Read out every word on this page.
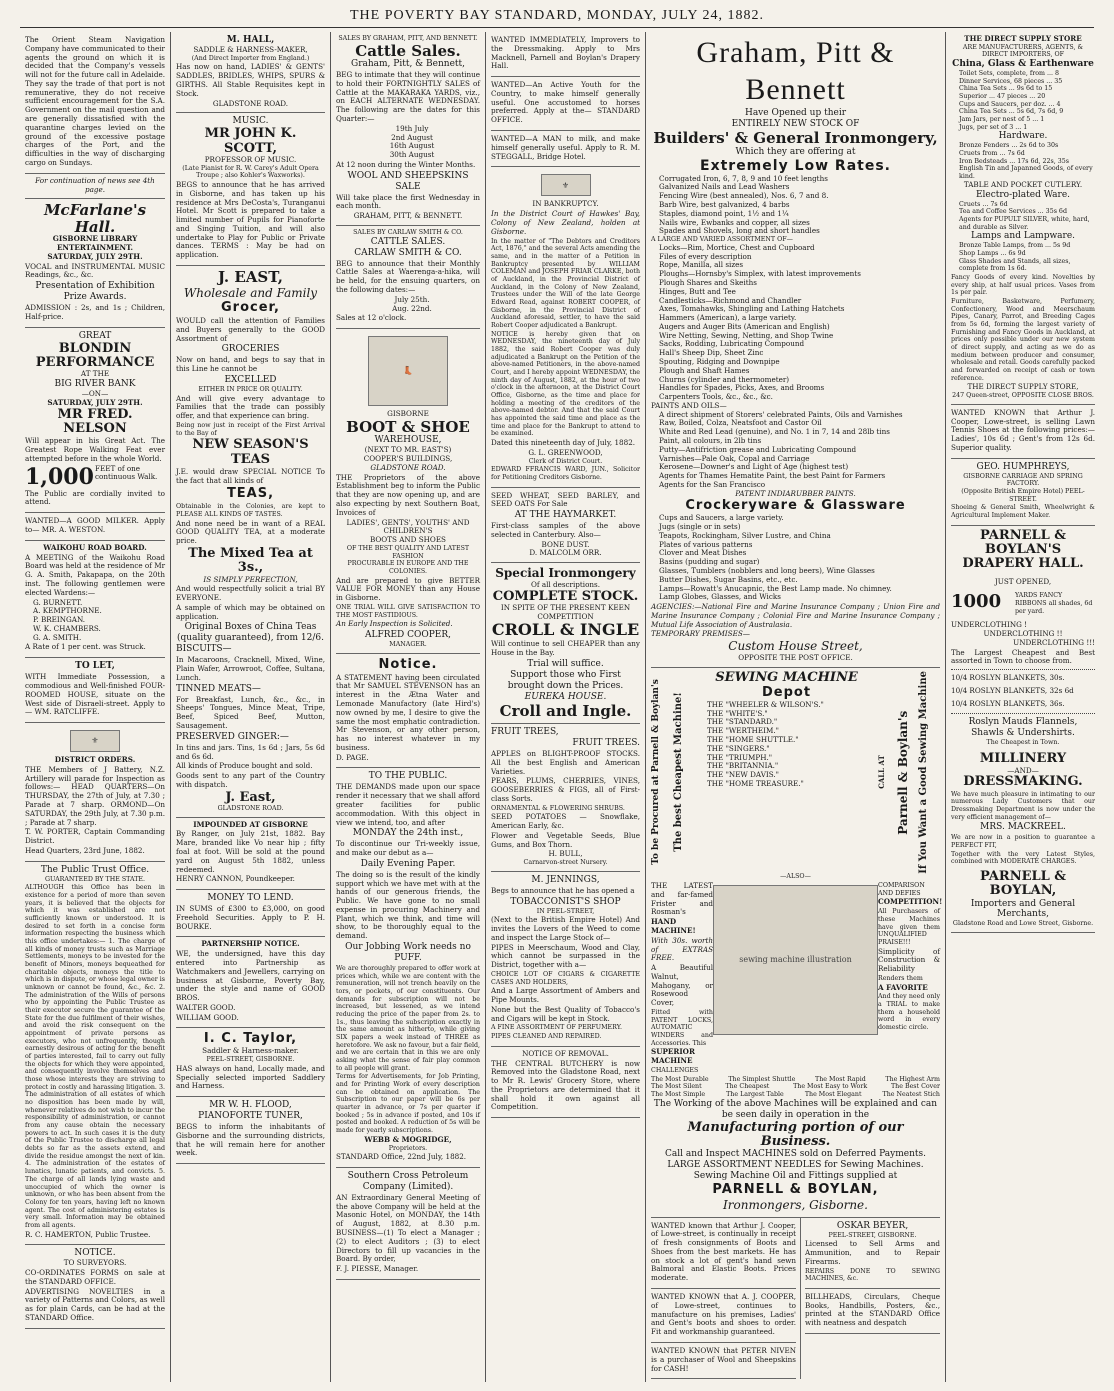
THE POVERTY BAY STANDARD, MONDAY, JULY 24, 1882.

The Orient Steam Navigation Company have communicated to their agents the ground on which it is decided that the Company's vessels will not for the future call in Adelaide. They say the trade of that port is not remunerative, they do not receive sufficient encouragement for the S.A. Government on the mail question and are generally dissatisfied with the quarantine charges levied on the ground of the excessive postage charges of the Port, and the difficulties in the way of discharging cargo on Sundays.

For continuation of news see 4th page.
McFarlane's Hall.
GISBORNE LIBRARY ENTERTAINMENT.
SATURDAY, JULY 29TH.

VOCAL and INSTRUMENTAL MUSIC Readings, &c., &c.

Presentation of Exhibition Prize Awards.

ADMISSION : 2s, and 1s ; Children, Half-price.

GREAT
BLONDIN PERFORMANCE
AT THE
BIG RIVER BANK
—ON—
SATURDAY, JULY 29TH.
MR FRED. NELSON

Will appear in his Great Act. The Greatest Rope Walking Feat ever attempted before in the whole World.

1,000 FEET of one continuous Walk.

The Public are cordially invited to attend.

WANTED—A GOOD MILKER. Apply to— MR. A. WESTON.

WAIKOHU ROAD BOARD.

A MEETING of the Waikohu Road Board was held at the residence of Mr G. A. Smith, Pakapapa, on the 20th inst. The following gentlemen were elected Wardens:—

G. BURNETT.
A. KEMPTHORNE.
P. BREINGAN.
W. K. CHAMBERS.
G. A. SMITH.

A Rate of 1 per cent. was Struck.

TO LET,

WITH Immediate Possession, a commodious and Well-finished FOUR-ROOMED HOUSE, situate on the West side of Disraeli-street. Apply to— WM. RATCLIFFE.

⚜
DISTRICT ORDERS.

THE Members of J Battery, N.Z. Artillery will parade for Inspection as follows:— HEAD QUARTERS—On THURSDAY, the 27th of July, at 7.30 ; Parade at 7 sharp. ORMOND—On SATURDAY, the 29th July, at 7.30 p.m. ; Parade at 7 sharp.

T. W. PORTER, Captain Commanding District.

Head Quarters, 23rd June, 1882.

The Public Trust Office.
GUARANTEED BY THE STATE.

ALTHOUGH this Office has been in existence for a period of more than seven years, it is believed that the objects for which it was established are not sufficiently known or understood. It is desired to set forth in a concise form information respecting the business which this office undertakes:— 1. The charge of all kinds of money trusts such as Marriage Settlements, moneys to be invested for the benefit of Minors, moneys bequeathed for charitable objects, moneys the title to which is in dispute, or whose legal owner is unknown or cannot be found, &c., &c. 2. The administration of the Wills of persons who by appointing the Public Trustee as their executor secure the guarantee of the State for the due fulfilment of their wishes, and avoid the risk consequent on the appointment of private persons as executors, who not unfrequently, though earnestly desirous of acting for the benefit of parties interested, fail to carry out fully the objects for which they were appointed, and consequently involve themselves and those whose interests they are striving to protect in costly and harassing litigation. 3. The administration of all estates of which no disposition has been made by will, whenever relatives do not wish to incur the responsibility of administration, or cannot from any cause obtain the necessary powers to act. In such cases it is the duty of the Public Trustee to discharge all legal debts so far as the assets extend, and divide the residue amongst the next of kin. 4. The administration of the estates of lunatics, lunatic patients, and convicts. 5. The charge of all lands lying waste and unoccupied of which the owner is unknown, or who has been absent from the Colony for ten years, having left no known agent. The cost of administering estates is very small. Information may be obtained from all agents.

R. C. HAMERTON, Public Trustee.

NOTICE.
TO SURVEYORS.

CO-ORDINATES FORMS on sale at the STANDARD OFFICE.

ADVERTISING NOVELTIES in a variety of Patterns and Colors, as well as for plain Cards, can be had at the STANDARD Office.

M. HALL,
SADDLE & HARNESS-MAKER,
(And Direct Importer from England.)

Has now on hand, LADIES' & GENTS' SADDLES, BRIDLES, WHIPS, SPURS & GIRTHS. All Stable Requisites kept in Stock.

GLADSTONE ROAD.
MUSIC.
MR JOHN K. SCOTT,
PROFESSOR OF MUSIC.
(Late Pianist for R. W. Carey's Adult Opera Troupe ; also Kohler's Waxworks).

BEGS to announce that he has arrived in Gisborne, and has taken up his residence at Mrs DeCosta's, Turanganui Hotel. Mr Scott is prepared to take a limited number of Pupils for Pianoforte and Singing Tuition, and will also undertake to Play for Public or Private dances. TERMS : May be had on application.

J. EAST,
Wholesale and Family
Grocer,

WOULD call the attention of Families and Buyers generally to the GOOD Assortment of

GROCERIES

Now on hand, and begs to say that in this Line he cannot be

EXCELLED
EITHER IN PRICE OR QUALITY.

And will give every advantage to Families that the trade can possibly offer, and that experience can bring.

Being now just in receipt of the First Arrival to the Bay of

NEW SEASON'S TEAS

J.E. would draw SPECIAL NOTICE To the fact that all kinds of

TEAS,

Obtainable in the Colonies, are kept to PLEASE ALL KINDS OF TASTES.

And none need be in want of a REAL GOOD QUALITY TEA, at a moderate price.

The Mixed Tea at 3s.,
IS SIMPLY PERFECTION,

And would respectfully solicit a trial BY EVERYONE.

A sample of which may be obtained on application.

Original Boxes of China Teas (quality guaranteed), from 12/6.
BISCUITS—

In Macaroons, Cracknell, Mixed, Wine, Plain Wafer, Arrowroot, Coffee, Sultana, Lunch.

TINNED MEATS—

For Breakfast, Lunch, &c., &c., in Sheeps' Tongues, Mince Meat, Tripe, Beef, Spiced Beef, Mutton, Sausagement.

PRESERVED GINGER:—

In tins and jars. Tins, 1s 6d ; Jars, 5s 6d and 6s 6d.

All kinds of Produce bought and sold.

Goods sent to any part of the Country with dispatch.

J. East,
GLADSTONE ROAD.
IMPOUNDED AT GISBORNE

By Ranger, on July 21st, 1882. Bay Mare, branded like Vo near hip ; fifty foal at foot. Will be sold at the pound yard on August 5th 1882, unless redeemed.

HENRY CANNON, Poundkeeper.

MONEY TO LEND.

IN SUMS of £300 to £3,000, on good Freehold Securities. Apply to P. H. BOURKE.

PARTNERSHIP NOTICE.

WE, the undersigned, have this day entered into Partnership as Watchmakers and Jewellers, carrying on business at Gisborne, Poverty Bay, under the style and name of GOOD BROS.

WALTER GOOD.

WILLIAM GOOD.

I. C. Taylor,
Saddler & Harness-maker.
PEEL-STREET, GISBORNE.

HAS always on hand, Locally made, and Specially selected imported Saddlery and Harness.

MR W. H. FLOOD,
PIANOFORTE TUNER,

BEGS to inform the inhabitants of Gisborne and the surrounding districts, that he will remain here for another week.

SALES BY GRAHAM, PITT, AND BENNETT.
Cattle Sales.
Graham, Pitt, & Bennett,

BEG to intimate that they will continue to hold their FORTNIGHTLY SALES of Cattle at the MAKARAKA YARDS, viz., on EACH ALTERNATE WEDNESDAY. The following are the dates for this Quarter:—

19th July
2nd August
16th August
30th August

At 12 noon during the Winter Months.

WOOL AND SHEEPSKINS SALE

Will take place the first Wednesday in each month.

GRAHAM, PITT, & BENNETT.
SALES BY CARLAW SMITH & CO.
CATTLE SALES.
CARLAW SMITH & CO.

BEG to announce that their Monthly Cattle Sales at Waerenga-a-hika, will be held, for the ensuing quarters, on the following dates:—

July 25th.
Aug. 22nd.

Sales at 12 o'clock.

👢
GISBORNE
BOOT & SHOE
WAREHOUSE,
(NEXT TO MR. EAST'S)
COOPER'S BUILDINGS,
GLADSTONE ROAD.

THE Proprietors of the above Establishment beg to inform the Public that they are now opening up, and are also expecting by next Southern Boat, Invoices of

LADIES', GENTS', YOUTHS' AND CHILDREN'S
BOOTS AND SHOES
OF THE BEST QUALITY AND LATEST FASHION
PROCURABLE IN EUROPE AND THE COLONIES.

And are prepared to give BETTER VALUE FOR MONEY than any House in Gisborne.

ONE TRIAL WILL GIVE SATISFACTION TO THE MOST FASTIDIOUS.

An Early Inspection is Solicited.

ALFRED COOPER,
MANAGER.
Notice.

A STATEMENT having been circulated that Mr SAMUEL STEVENSON has an interest in the Ætna Water and Lemonade Manufactory (late Hird's) now owned by me, I desire to give the same the most emphatic contradiction. Mr Stevenson, or any other person, has no interest whatever in my business.

D. PAGE.

TO THE PUBLIC.

THE DEMANDS made upon our space render it necessary that we shall afford greater facilities for public accommodation. With this object in view we intend, too, and after

MONDAY the 24th inst.,

To discontinue our Tri-weekly issue, and make our debut as a—

Daily Evening Paper.

The doing so is the result of the kindly support which we have met with at the hands of our generous friends, the Public. We have gone to no small expense in procuring Machinery and Plant, which we think, and time will show, to be thoroughly equal to the demand.

Our Jobbing Work needs no PUFF.

We are thoroughly prepared to offer work at prices which, while we are content with the remuneration, will not trench heavily on the tors, or pockets, of our constituents. Our demands for subscription will not be increased, but lessened, as we intend reducing the price of the paper from 2s. to 1s., thus leaving the subscription exactly in the same amount as hitherto, while giving SIX papers a week instead of THREE as heretofore. We ask no favour, but a fair field, and we are certain that in this we are only asking what the sense of fair play common to all people will grant.

Terms for Advertisements, for Job Printing, and for Printing Work of every description can be obtained on application. The Subscription to our paper will be 6s per quarter in advance, or 7s per quarter if booked ; 5s in advance if posted, and 10s if posted and booked. A reduction of 5s will be made for yearly subscriptions.

WEBB & MOGRIDGE,
Proprietors.

STANDARD Office, 22nd July, 1882.

Southern Cross Petroleum Company (Limited).

AN Extraordinary General Meeting of the above Company will be held at the Masonic Hotel, on MONDAY, the 14th of August, 1882, at 8.30 p.m. BUSINESS—(1) To elect a Manager ; (2) to elect Auditors ; (3) to elect Directors to fill up vacancies in the Board. By order,

F. J. PIESSE, Manager.

WANTED IMMEDIATELY, Improvers to the Dressmaking. Apply to Mrs Macknell, Parnell and Boylan's Drapery Hall.

WANTED—An Active Youth for the Country, to make himself generally useful. One accustomed to horses preferred. Apply at the— STANDARD OFFICE.

WANTED—A MAN to milk, and make himself generally useful. Apply to R. M. STEGGALL, Bridge Hotel.

⚜
IN BANKRUPTCY.

In the District Court of Hawkes' Bay, Colony of New Zealand, holden at Gisborne.

In the matter of "The Debtors and Creditors Act, 1876," and the several Acts amending the same, and in the matter of a Petition in Bankruptcy presented by WILLIAM COLEMAN and JOSEPH FRIAR CLARKE, both of Auckland, in the Provincial District of Auckland, in the Colony of New Zealand, Trustees under the Will of the late George Edward Read, against ROBERT COOPER, of Gisborne, in the Provincial District of Auckland aforesaid, settler, to have the said Robert Cooper adjudicated a Bankrupt.

NOTICE is hereby given that on WEDNESDAY, the nineteenth day of July 1882, the said Robert Cooper was duly adjudicated a Bankrupt on the Petition of the above-named Petitioners, in the above-named Court, and I hereby appoint WEDNESDAY, the ninth day of August, 1882, at the hour of two o'clock in the afternoon, at the District Court Office, Gisborne, as the time and place for holding a meeting of the creditors of the above-named debtor. And that the said Court has appointed the said time and place as the time and place for the Bankrupt to attend to be examined.

Dated this nineteenth day of July, 1882.

G. L. GREENWOOD,
Clerk of District Court.

EDWARD FFRANCIS WARD, JUN., Solicitor for Petitioning Creditors Gisborne.

SEED WHEAT, SEED BARLEY, and SEED OATS For Sale

AT THE HAYMARKET.

First-class samples of the above selected in Canterbury. Also—

BONE DUST.
D. MALCOLM ORR.
Special Ironmongery
Of all descriptions.
COMPLETE STOCK.
IN SPITE OF THE PRESENT KEEN COMPETITION
CROLL & INGLE

Will continue to sell CHEAPER than any House in the Bay.

Trial will suffice.
Support those who First brought down the Prices.
EUREKA HOUSE.
Croll and Ingle.
FRUIT TREES,
FRUIT TREES.

APPLES on BLIGHT-PROOF STOCKS. All the best English and American Varieties.

PEARS, PLUMS, CHERRIES, VINES, GOOSEBERRIES & FIGS, all of First-class Sorts.

ORNAMENTAL & FLOWERING SHRUBS.

SEED POTATOES — Snowflake, American Early, &c.

Flower and Vegetable Seeds, Blue Gums, and Box Thorn.

H. BULL,
Carnarvon-street Nursery.
M. JENNINGS,

Begs to announce that he has opened a

TOBACCONIST'S SHOP
IN PEEL-STREET,

(Next to the British Empire Hotel) And invites the Lovers of the Weed to come and inspect the Large Stock of—

PIPES in Meerschaum, Wood and Clay, which cannot be surpassed in the District, together with a—

CHOICE LOT OF CIGARS & CIGARETTE CASES AND HOLDERS,

And a Large Assortment of Ambers and Pipe Mounts.

None but the Best Quality of Tobacco's and Cigars will be kept in Stock.

A FINE ASSORTMENT OF PERFUMERY.

PIPES CLEANED AND REPAIRED.

NOTICE OF REMOVAL.

THE CENTRAL BUTCHERY is now Removed into the Gladstone Road, next to Mr R. Lewis' Grocery Store, where the Proprietors are determined that it shall hold it own against all Competition.

Graham, Pitt & Bennett
Have Opened up their
ENTIRELY NEW STOCK OF
Builders' & General Ironmongery,
Which they are offering at
Extremely Low Rates.
Corrugated Iron, 6, 7, 8, 9 and 10 feet lengths
Galvanized Nails and Lead Washers
Fencing Wire (best annealed), Nos. 6, 7 and 8.
Barb Wire, best galvanized, 4 barbs
Staples, diamond point, 1½ and 1¼
Nails wire, Ewbanks and copper, all sizes
Spades and Shovels, long and short handles
A LARGE AND VARIED ASSORTMENT OF—
Locks—Rim, Mortice, Chest and Cupboard
Files of every description
Rope, Manilla, all sizes
Ploughs—Hornsby's Simplex, with latest improvements
Plough Shares and Skeiths
Hinges, Butt and Tee
Candlesticks—Richmond and Chandler
Axes, Tomahawks, Shingling and Lathing Hatchets
Hammers (American), a large variety.
Augers and Auger Bits (American and English)
Wire Netting, Sewing, Netting, and Shop Twine
Sacks, Rodding, Lubricating Compound
Hall's Sheep Dip, Sheet Zinc
Spouting, Ridging and Downpipe
Plough and Shaft Hames
Churns (cylinder and thermometer)
Handles for Spades, Picks, Axes, and Brooms
Carpenters Tools, &c., &c., &c.
PAINTS AND OILS—
A direct shipment of Storers' celebrated Paints, Oils and Varnishes
Raw, Boiled, Colza, Neatsfoot and Castor Oil
White and Red Lead (genuine), and No. 1 in 7, 14 and 28lb tins
Paint, all colours, in 2lb tins
Putty—Antifriction grease and Lubricating Compound
Varnishes—Pale Oak, Copal and Carriage
Kerosene—Downer's and Light of Age (highest test)
Agents for Thames Hematite Paint, the best Paint for Farmers
Agents for the San Francisco
PATENT INDIARUBBER PAINTS.
Crockeryware & Glassware
Cups and Saucers, a large variety.
Jugs (single or in sets)
Teapots, Rockingham, Silver Lustre, and China
Plates of various patterns
Clover and Meat Dishes
Basins (pudding and sugar)
Glasses, Tumblers (nobblers and long beers), Wine Glasses
Butter Dishes, Sugar Basins, etc., etc.
Lamps—Rowatt's Anucapnic, the Best Lamp made. No chimney.
Lamp Globes, Glasses, and Wicks

AGENCIES:—National Fire and Marine Insurance Company ; Union Fire and Marine Insurance Company ; Colonial Fire and Marine Insurance Company ; Mutual Life Association of Australasia.

TEMPORARY PREMISES—
Custom House Street,
OPPOSITE THE POST OFFICE.
To be Procured at Parnell & Boylan's	The best Cheapest Machine!
SEWING MACHINE
Depot
THE "WHEELER & WILSON'S."
THE "WHITE'S."
THE "STANDARD."
THE "WERTHEIM."
THE "HOME SHUTTLE."
THE "SINGERS."
THE "TRIUMPH."
THE "BRITANNIA."
THE "NEW DAVIS."
THE "HOME TREASURE."	CALL AT Parnell & Boylan's If You Want a Good Sewing Machine
—ALSO—

THE LATEST and far-famed Frister and Rosman's

HAND MACHINE!

With 30s. worth of EXTRAS FREE.

A Beautiful Walnut, Mahogany, or Rosewood Cover,

Fitted with PATENT LOCKS, AUTOMATIC WINDERS and Accessories. This

SUPERIOR MACHINE

CHALLENGES

sewing machine illustration

COMPARISON AND DEFIES

COMPETITION!

All Purchasers of these Machines have given them UNQUALIFIED PRAISE!!!

Simplicity of Construction & Reliability

Renders them

A FAVORITE

And they need only a TRIAL to make them a household word in every domestic circle.

The Most Durable	The Simplest Shuttle	The Most Rapid	The Highest Arm
The Most Silent	The Cheapest	The Most Easy to Work	The Best Cover
The Most Simple	The Largest Table	The Most Elegant	The Neatest Stich
The Working of the above Machines will be explained and can be seen daily in operation in the
Manufacturing portion of our Business.
Call and Inspect MACHINES sold on Deferred Payments.
LARGE ASSORTMENT NEEDLES for Sewing Machines.
Sewing Machine Oil and Fittings supplied at
PARNELL & BOYLAN,
Ironmongers, Gisborne.

WANTED known that Arthur J. Cooper, of Lowe-street, is continually in receipt of fresh consignments of Boots and Shoes from the best markets. He has on stock a lot of gent's hand sewn Balmoral and Elastic Boots. Prices moderate.

WANTED KNOWN that A. J. COOPER, of Lowe-street, continues to manufacture on his premises, Ladies' and Gent's boots and shoes to order. Fit and workmanship guaranteed.

WANTED KNOWN that PETER NIVEN is a purchaser of Wool and Sheepskins for CASH!

OSKAR BEYER,
PEEL-STREET, GISBORNE.

Licensed to Sell Arms and Ammunition, and to Repair Firearms.

REPAIRS DONE TO SEWING MACHINES, &c.

BILLHEADS, Circulars, Cheque Books, Handbills, Posters, &c., printed at the STANDARD Office with neatness and despatch

THE DIRECT SUPPLY STORE
ARE MANUFACTURERS, AGENTS, & DIRECT IMPORTERS, OF
China, Glass & Earthenware
Toilet Sets, complete, from ... 8
Dinner Services, 68 pieces ... 35
China Tea Sets ... 9s 6d to 15
Superior ... 47 pieces ... 20
Cups and Saucers, per doz. ... 4
China Tea Sets ... 5s 6d, 7s 6d, 9
Jam Jars, per nest of 5 ... 1
Jugs, per set of 3 ... 1
Hardware.
Bronze Fenders ... 2s 6d to 30s
Cruets from ... 7s 6d
Iron Bedsteads ... 17s 6d, 22s, 35s
English Tin and Japanned Goods, of every kind.
TABLE AND POCKET CUTLERY.
Electro-plated Ware.
Cruets ... 7s 6d
Tea and Coffee Services ... 35s 6d
Agents for PUPULT SILVER, white, hard, and durable as Silver.
Lamps and Lampware.
Bronze Table Lamps, from ... 5s 9d
Shop Lamps ... 6s 9d
Glass Shades and Stands, all sizes, complete from 1s 6d.

Fancy Goods of every kind. Novelties by every ship, at half usual prices. Vases from 1s per pair.

Furniture, Basketware, Perfumery, Confectionery, Wood and Meerschaum Pipes, Canary, Parrot, and Breeding Cages from 5s 6d, forming the largest variety of Furnishing and Fancy Goods in Auckland, at prices only possible under our new system of direct supply, and acting as we do as medium between producer and consumer, wholesale and retail. Goods carefully packed and forwarded on receipt of cash or town reference.

THE DIRECT SUPPLY STORE,
247 Queen-street, OPPOSITE CLOSE BROS.

WANTED KNOWN that Arthur J. Cooper, Lowe-street, is selling Lawn Tennis Shoes at the following prices:— Ladies', 10s 6d ; Gent's from 12s 6d. Superior quality.

GEO. HUMPHREYS,
GISBORNE CARRIAGE AND SPRING FACTORY.
(Opposite British Empire Hotel) PEEL-STREET.

Shoeing & General Smith, Wheelwright & Agricultural Implement Maker.

PARNELL & BOYLAN'S
DRAPERY HALL.
JUST OPENED,
1000 YARDS FANCY RIBBONS all shades, 6d per yard.
UNDERCLOTHING !
UNDERCLOTHING !!
UNDERCLOTHING !!!

The Largest Cheapest and Best assorted in Town to choose from.

10/4 ROSLYN BLANKETS, 30s.
10/4 ROSLYN BLANKETS, 32s 6d
10/4 ROSLYN BLANKETS, 36s.
Roslyn Mauds Flannels, Shawls & Undershirts.
The Cheapest in Town.
MILLINERY
—AND—
DRESSMAKING.

We have much pleasure in intimating to our numerous Lady Customers that our Dressmaking Department is now under the very efficient management of—

MRS. MACKREEL.

We are now in a position to guarantee a PERFECT FIT,

Together with the very Latest Styles, combined with MODERATE CHARGES.

PARNELL & BOYLAN,
Importers and General Merchants,
Gladstone Road and Lowe Street, Gisborne.
